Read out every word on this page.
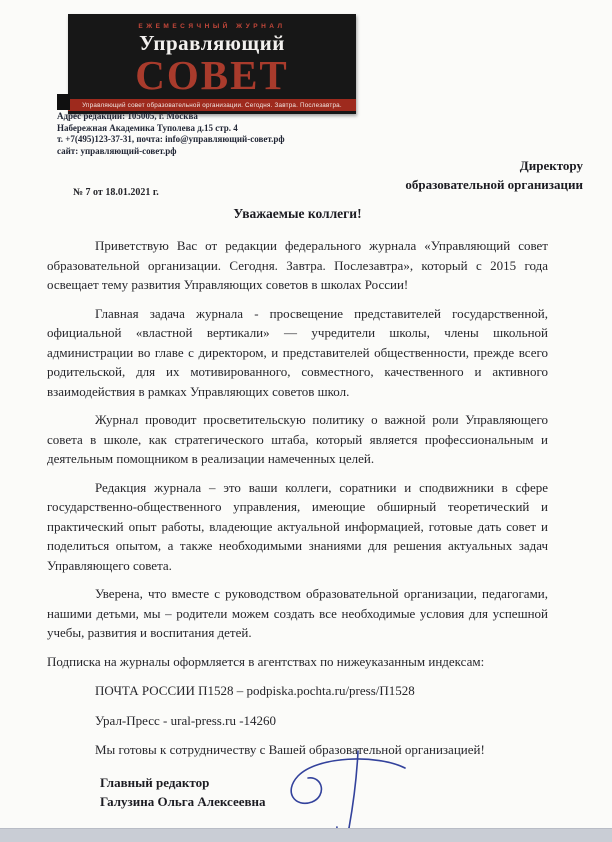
ЕЖЕМЕСЯЧНЫЙ ЖУРНАЛ
Управляющий
СОВЕТ
Управляющий совет образовательной организации. Сегодня. Завтра. Послезавтра.
Адрес редакции: 105005, г. Москва
Набережная Академика Туполева д.15 стр. 4
т. +7(495)123-37-31, почта: info@управляющий-совет.рф
сайт: управляющий-совет.рф
Директору
образовательной организации
№ 7 от 18.01.2021 г.
Уважаемые коллеги!

Приветствую Вас от редакции федерального журнала «Управляющий совет образовательной организации. Сегодня. Завтра. Послезавтра», который с 2015 года освещает тему развития Управляющих советов в школах России!

Главная задача журнала - просвещение представителей государственной, официальной «властной вертикали» — учредители школы, члены школьной администрации во главе с директором, и представителей общественности, прежде всего родительской, для их мотивированного, совместного, качественного и активного взаимодействия в рамках Управляющих советов школ.

Журнал проводит просветительскую политику о важной роли Управляющего совета в школе, как стратегического штаба, который является профессиональным и деятельным помощником в реализации намеченных целей.

Редакция журнала – это ваши коллеги, соратники и сподвижники в сфере государственно-общественного управления, имеющие обширный теоретический и практический опыт работы, владеющие актуальной информацией, готовые дать совет и поделиться опытом, а также необходимыми знаниями для решения актуальных задач Управляющего совета.

Уверена, что вместе с руководством образовательной организации, педагогами, нашими детьми, мы – родители можем создать все необходимые условия для успешной учебы, развития и воспитания детей.

Подписка на журналы оформляется в агентствах по нижеуказанным индексам:

ПОЧТА РОССИИ П1528 – podpiska.pochta.ru/press/П1528

Урал-Пресс - ural-press.ru -14260

Мы готовы к сотрудничеству с Вашей образовательной организацией!

Главный редактор
Галузина Ольга Алексеевна
